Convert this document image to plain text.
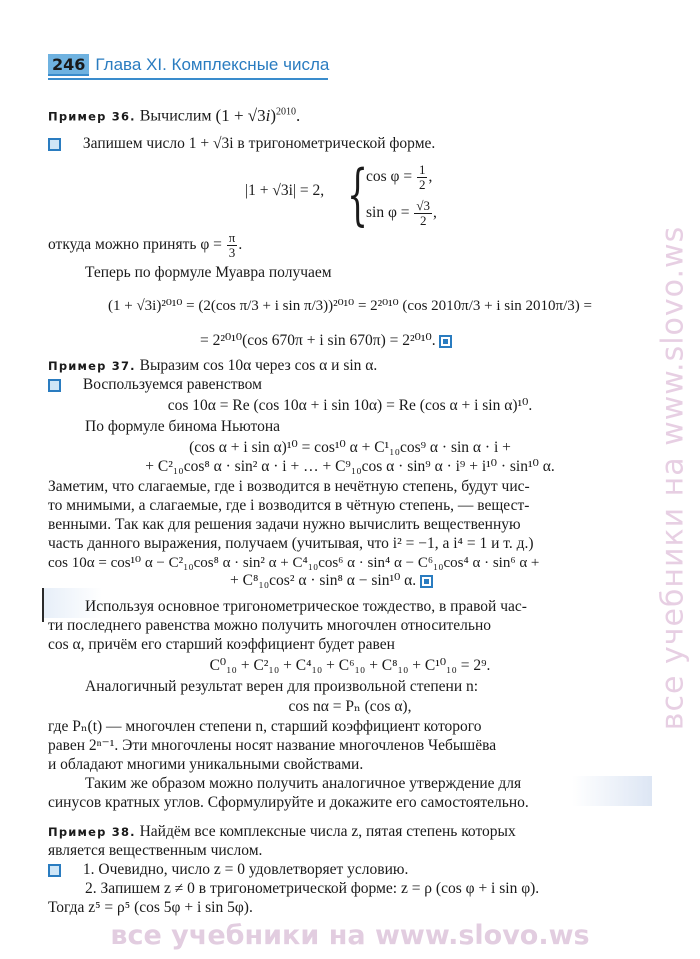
246 Глава XI. Комплексные числа
Пример 36. Вычислим $(1 + √3i)^{2010}$.
Запишем число 1 + √3i в тригонометрической форме.
|1 + √3i| = 2, {
$\cos \varphi = \frac{1}{2}$ ,
$\sin \varphi = \frac{√3}{2}$ ,
откуда можно принять $\varphi = \frac{\pi}{3}$ .
Теперь по формуле Муавра получаем
(1 + √3i)²⁰¹⁰ = (2(cos π/3 + i sin π/3))²⁰¹⁰ = 2²⁰¹⁰ (cos 2010π/3 + i sin 2010π/3) =
= 2²⁰¹⁰(cos 670π + i sin 670π) = 2²⁰¹⁰.
Пример 37. Выразим cos 10α через cos α и sin α.
Воспользуемся равенством
cos 10α = Re (cos 10α + i sin 10α) = Re (cos α + i sin α)¹⁰.
По формуле бинома Ньютона
(cos α + i sin α)¹⁰ = cos¹⁰ α + C¹₁₀cos⁹ α · sin α · i +
+ C²₁₀cos⁸ α · sin² α · i + … + C⁹₁₀cos α · sin⁹ α · i⁹ + i¹⁰ · sin¹⁰ α.
Заметим, что слагаемые, где i возводится в нечётную степень, будут чис-
то мнимыми, а слагаемые, где i возводится в чётную степень, — вещест-
венными. Так как для решения задачи нужно вычислить вещественную
часть данного выражения, получаем (учитывая, что i² = −1, а i⁴ = 1 и т. д.)
cos 10α = cos¹⁰ α − C²₁₀cos⁸ α · sin² α + C⁴₁₀cos⁶ α · sin⁴ α − C⁶₁₀cos⁴ α · sin⁶ α +
+ C⁸₁₀cos² α · sin⁸ α − sin¹⁰ α.
Используя основное тригонометрическое тождество, в правой час-
ти последнего равенства можно получить многочлен относительно
cos α, причём его старший коэффициент будет равен
C⁰₁₀ + C²₁₀ + C⁴₁₀ + C⁶₁₀ + C⁸₁₀ + C¹⁰₁₀ = 2⁹.
Аналогичный результат верен для произвольной степени n:
cos nα = Pₙ (cos α),
где Pₙ(t) — многочлен степени n, старший коэффициент которого
равен 2ⁿ⁻¹. Эти многочлены носят название многочленов Чебышёва
и обладают многими уникальными свойствами.
Таким же образом можно получить аналогичное утверждение для
синусов кратных углов. Сформулируйте и докажите его самостоятельно.
Пример 38. Найдём все комплексные числа z, пятая степень которых
является вещественным числом.
1. Очевидно, число z = 0 удовлетворяет условию.
2. Запишем z ≠ 0 в тригонометрической форме: z = ρ (cos φ + i sin φ).
Тогда z⁵ = ρ⁵ (cos 5φ + i sin 5φ).
все учебники на www.slovo.ws
все учебники на www.slovo.ws
